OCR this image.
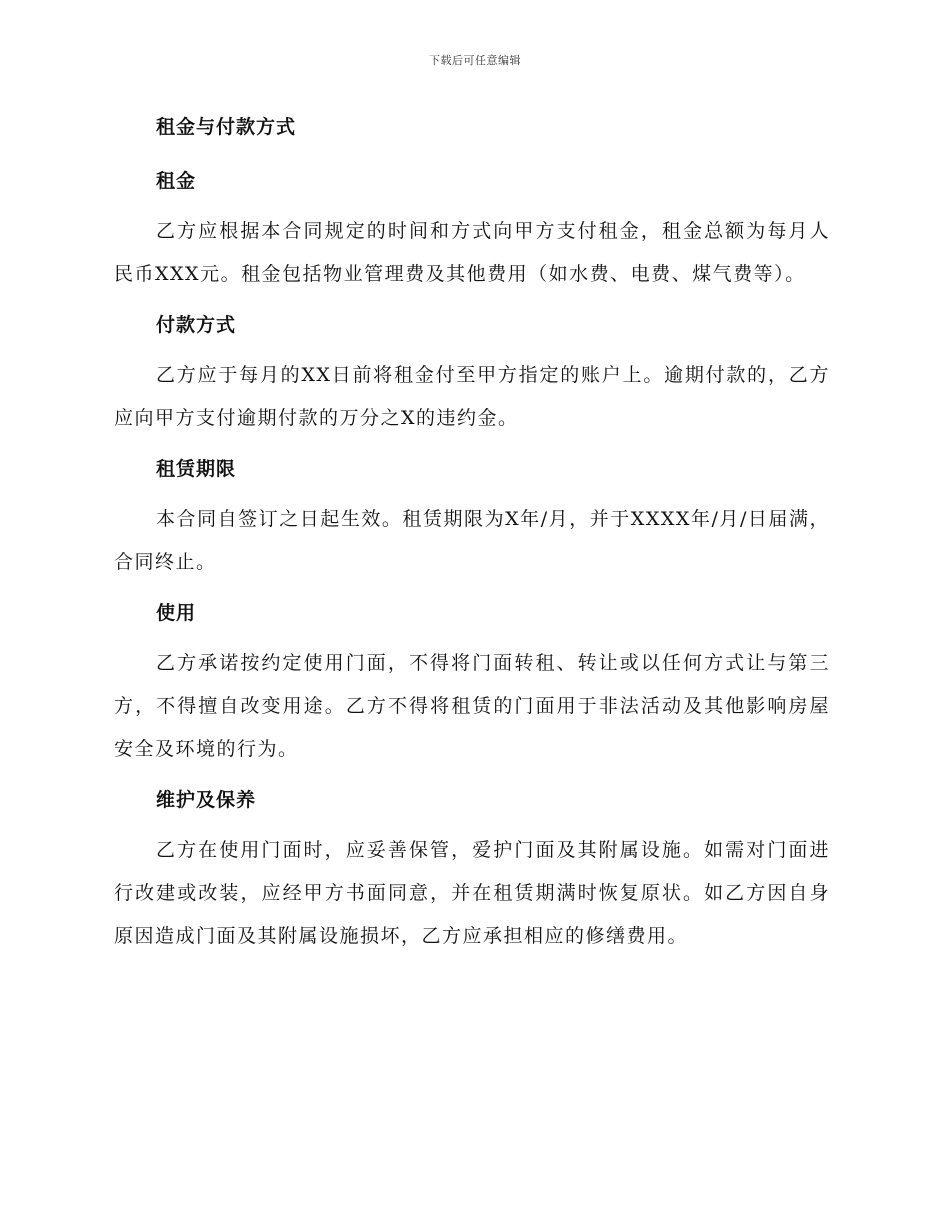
下载后可任意编辑
租金与付款方式
租金

乙方应根据本合同规定的时间和方式向甲方支付租金，租金总额为每月人民币XXX元。租金包括物业管理费及其他费用（如水费、电费、煤气费等）。

付款方式

乙方应于每月的XX日前将租金付至甲方指定的账户上。逾期付款的，乙方应向甲方支付逾期付款的万分之X的违约金。

租赁期限

本合同自签订之日起生效。租赁期限为X年/月，并于XXXX年/月/日届满，合同终止。

使用

乙方承诺按约定使用门面，不得将门面转租、转让或以任何方式让与第三方，不得擅自改变用途。乙方不得将租赁的门面用于非法活动及其他影响房屋安全及环境的行为。

维护及保养

乙方在使用门面时，应妥善保管，爱护门面及其附属设施。如需对门面进行改建或改装，应经甲方书面同意，并在租赁期满时恢复原状。如乙方因自身原因造成门面及其附属设施损坏，乙方应承担相应的修缮费用。
